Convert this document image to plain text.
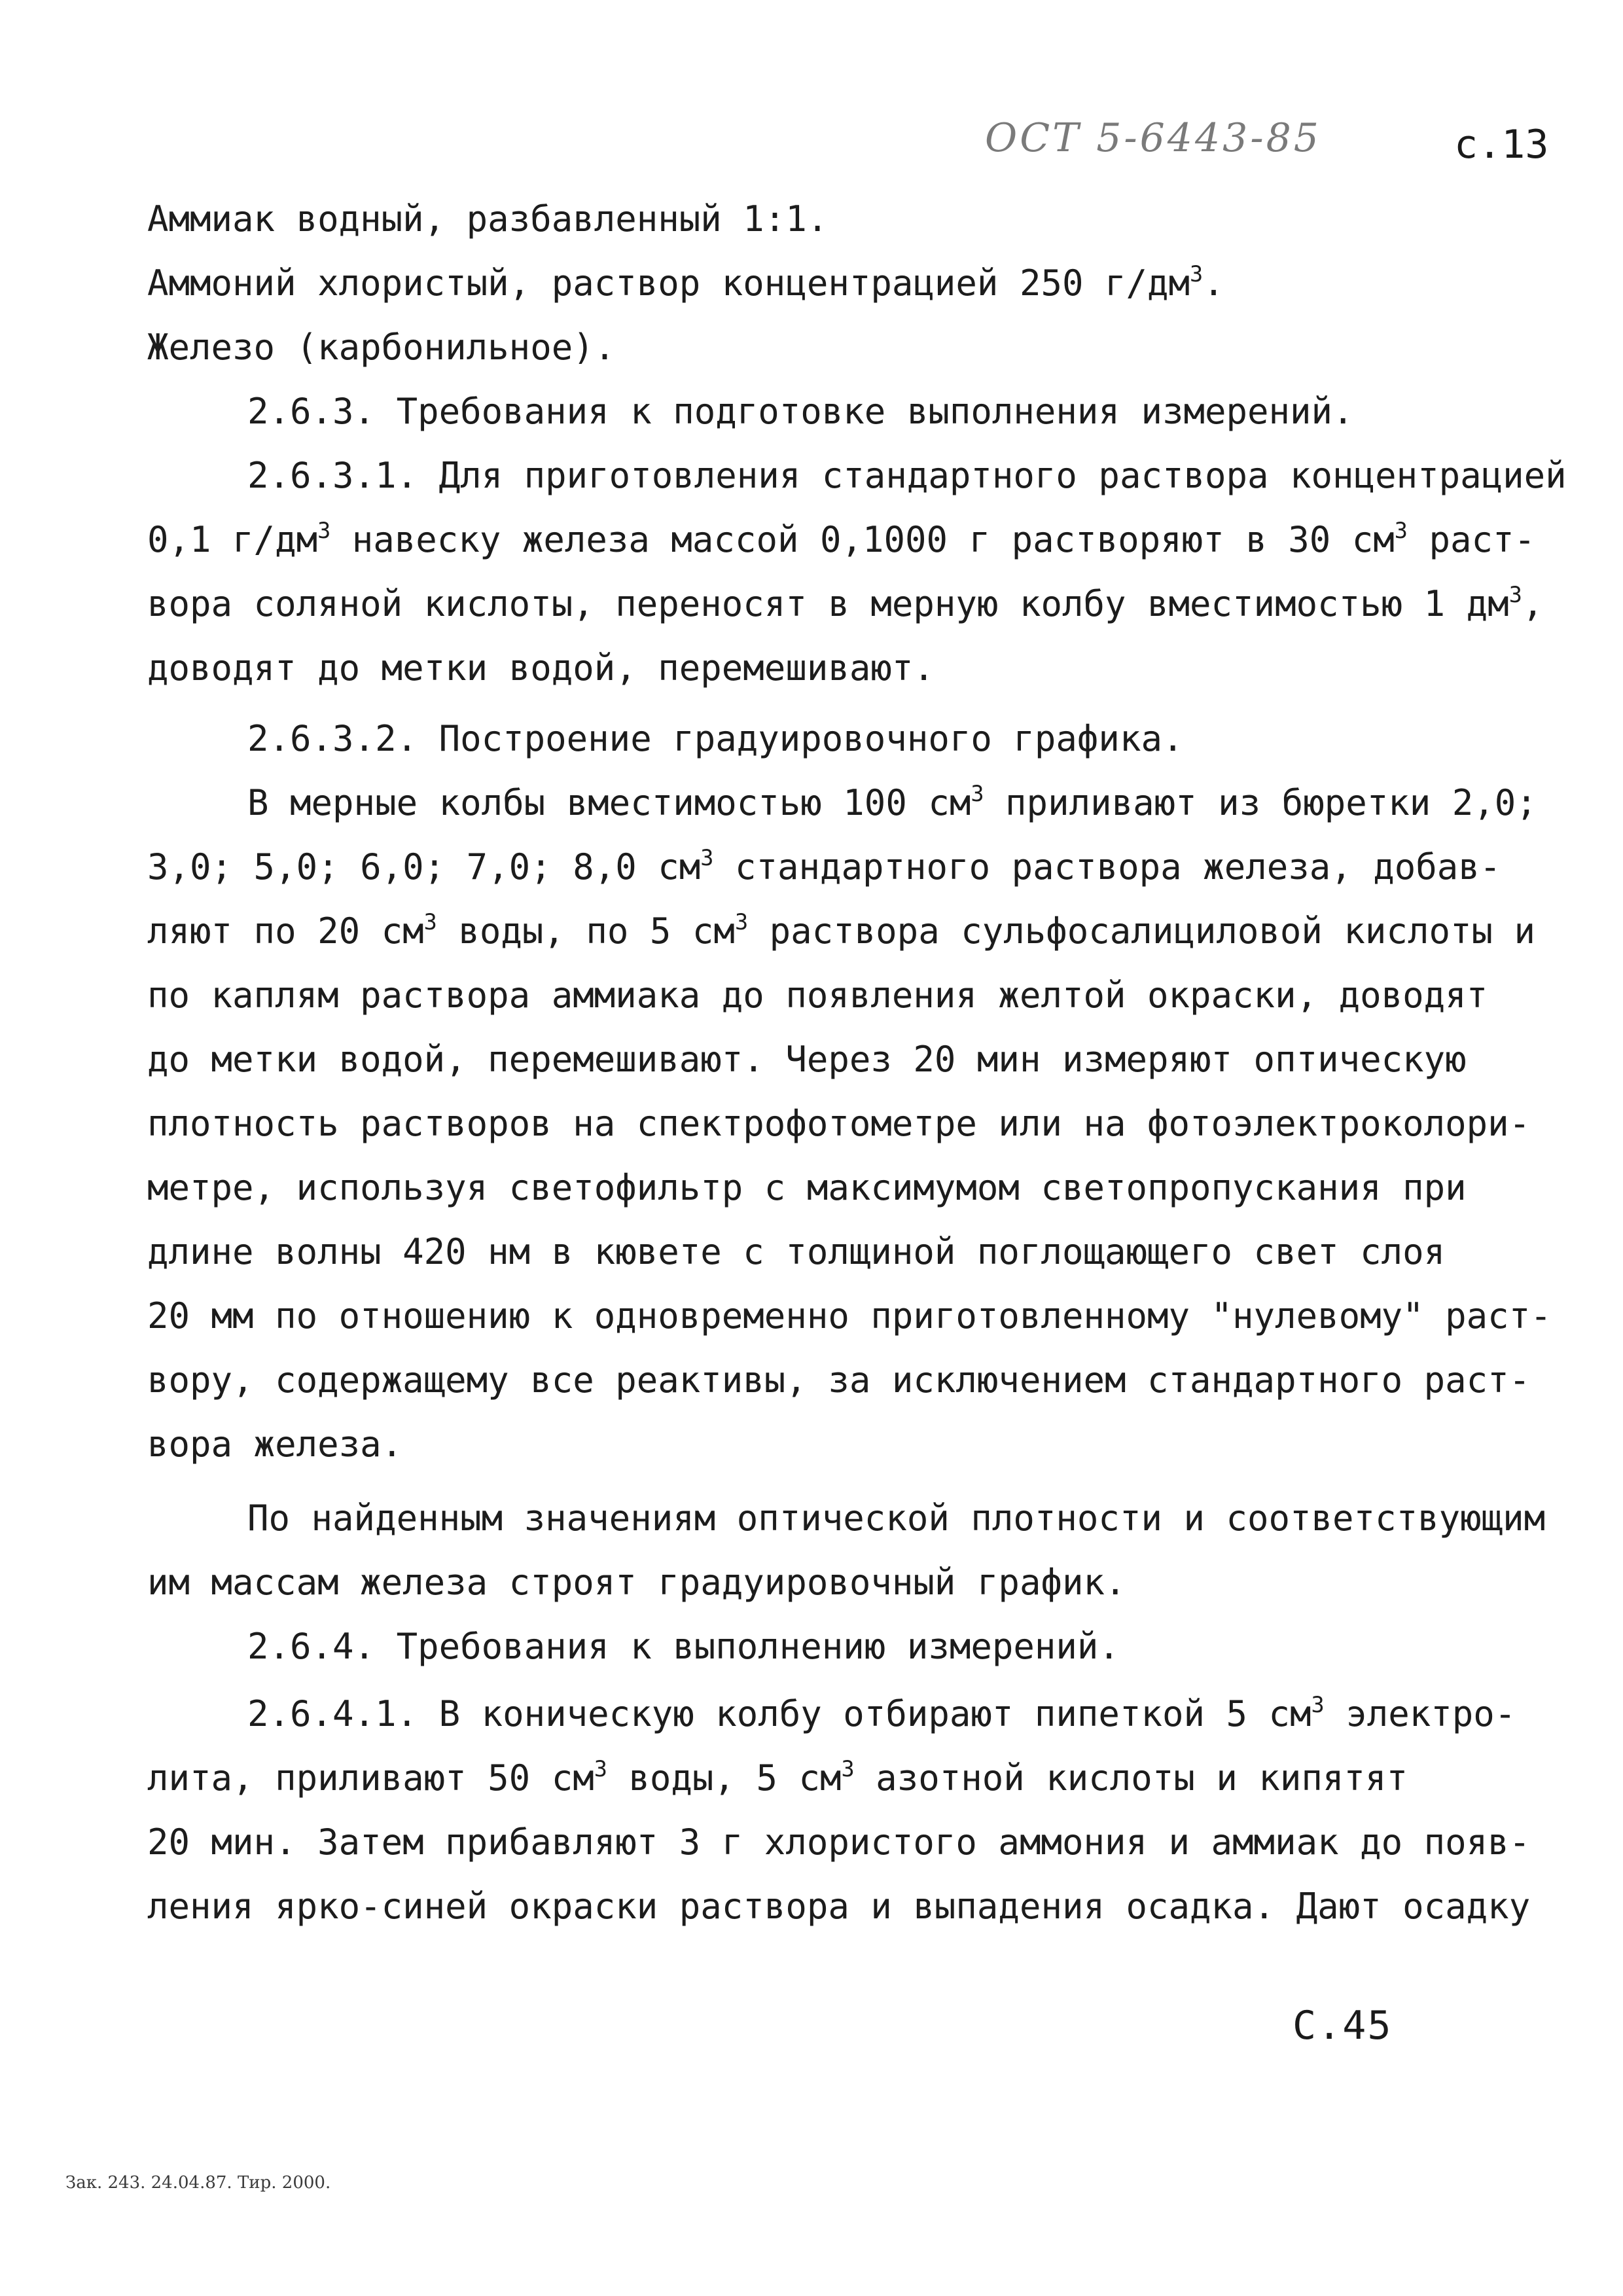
ОСТ 5-6443-85	с.13
Аммиак водный, разбавленный 1:1.
Аммоний хлористый, раствор концентрацией 250 $г/дм^3$.
Железо (карбонильное).
2.6.3. Требования к подготовке выполнения измерений.
2.6.3.1. Для приготовления стандартного раствора концентрацией
0,1 $г/дм^3$ навеску железа массой 0,1000 г растворяют в 30 $см^3$ раст-
вора соляной кислоты, переносят в мерную колбу вместимостью 1 $дм^3$,
доводят до метки водой, перемешивают.
2.6.3.2. Построение градуировочного графика.
В мерные колбы вместимостью 100 $см^3$ приливают из бюретки 2,0;
3,0; 5,0; 6,0; 7,0; 8,0 $см^3$ стандартного раствора железа, добав-
ляют по 20 $см^3$ воды, по 5 $см^3$ раствора сульфосалициловой кислоты и
по каплям раствора аммиака до появления желтой окраски, доводят
до метки водой, перемешивают. Через 20 мин измеряют оптическую
плотность растворов на спектрофотометре или на фотоэлектроколори-
метре, используя светофильтр с максимумом светопропускания при
длине волны 420 нм в кювете с толщиной поглощающего свет слоя
20 мм по отношению к одновременно приготовленному "нулевому" раст-
вору, содержащему все реактивы, за исключением стандартного раст-
вора железа.
По найденным значениям оптической плотности и соответствующим
им массам железа строят градуировочный график.
2.6.4. Требования к выполнению измерений.
2.6.4.1. В коническую колбу отбирают пипеткой 5 $см^3$ электро-
лита, приливают 50 $см^3$ воды, 5 $см^3$ азотной кислоты и кипятят
20 мин. Затем прибавляют 3 г хлористого аммония и аммиак до появ-
ления ярко-синей окраски раствора и выпадения осадка. Дают осадку
С.45
Зак. 243. 24.04.87. Тир. 2000.
